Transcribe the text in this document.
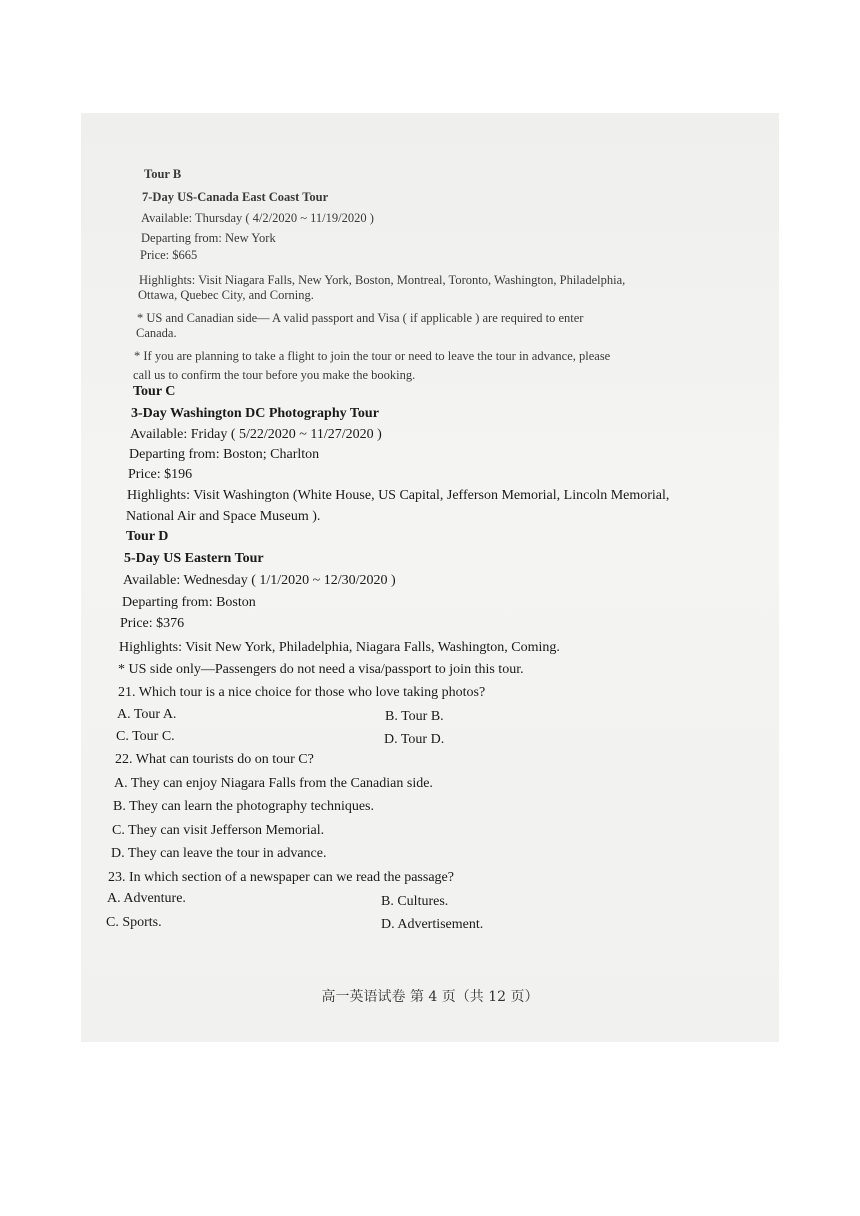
Tour B
7-Day US-Canada East Coast Tour
Available: Thursday ( 4/2/2020 ~ 11/19/2020 )
Departing from: New York
Price: $665
Highlights: Visit Niagara Falls, New York, Boston, Montreal, Toronto, Washington, Philadelphia,
Ottawa, Quebec City, and Corning.
* US and Canadian side— A valid passport and Visa ( if applicable ) are required to enter
Canada.
* If you are planning to take a flight to join the tour or need to leave the tour in advance, please
call us to confirm the tour before you make the booking.
Tour C
3-Day Washington DC Photography Tour
Available: Friday ( 5/22/2020 ~ 11/27/2020 )
Departing from: Boston; Charlton
Price: $196
Highlights: Visit Washington (White House, US Capital, Jefferson Memorial, Lincoln Memorial,
National Air and Space Museum ).
Tour D
5-Day US Eastern Tour
Available: Wednesday ( 1/1/2020 ~ 12/30/2020 )
Departing from: Boston
Price: $376
Highlights: Visit New York, Philadelphia, Niagara Falls, Washington, Coming.
* US side only—Passengers do not need a visa/passport to join this tour.
21. Which tour is a nice choice for those who love taking photos?
A. Tour A.	B. Tour B.
C. Tour C.	D. Tour D.
22. What can tourists do on tour C?
A. They can enjoy Niagara Falls from the Canadian side.
B. They can learn the photography techniques.
C. They can visit Jefferson Memorial.
D. They can leave the tour in advance.
23. In which section of a newspaper can we read the passage?
A. Adventure.	B. Cultures.
C. Sports.	D. Advertisement.
高一英语试卷 第 4 页（共 12 页）
